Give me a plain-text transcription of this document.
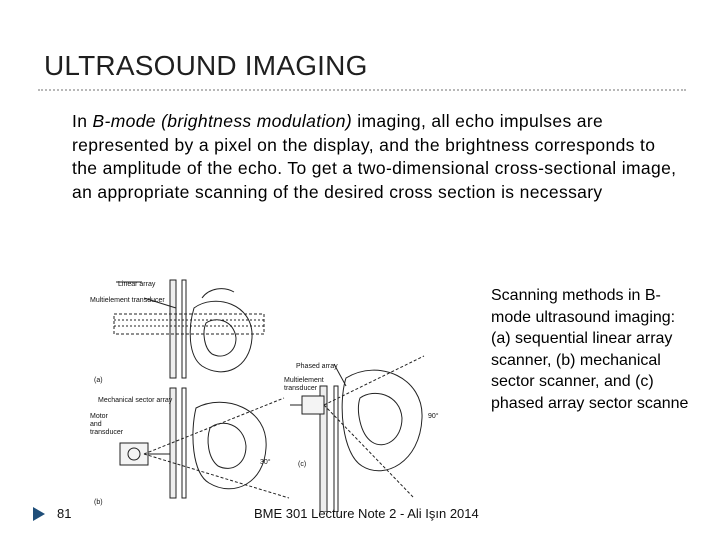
ULTRASOUND IMAGING
In B-mode (brightness modulation) imaging, all echo impulses are represented by a pixel on the display, and the brightness corresponds to the amplitude of the echo. To get a two-dimensional cross-sectional image, an appropriate scanning of the desired cross section is necessary
Linear array
Multielement transducer
(a)
Mechanical sector array
Motor and transducer
30°
(b)
Phased array
Multielement transducer
90°
(c)
Scanning methods in B-mode ultrasound imaging: (a) sequential linear array scanner, (b) mechanical sector scanner, and (c) phased array sector scanne
81	BME 301 Lecture Note 2 - Ali Işın 2014
